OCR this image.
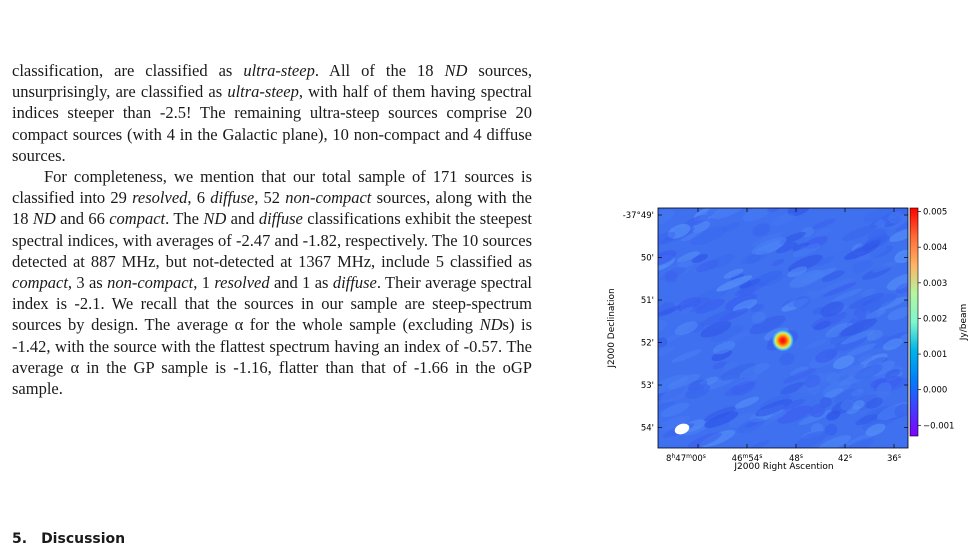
classification, are classified as ultra-steep. All of the 18 ND sources, unsurprisingly, are classified as ultra-steep, with half of them having spectral indices steeper than -2.5! The remaining ultra-steep sources comprise 20 compact sources (with 4 in the Galactic plane), 10 non-compact and 4 diffuse sources.

For completeness, we mention that our total sample of 171 sources is classified into 29 resolved, 6 diffuse, 52 non-compact sources, along with the 18 ND and 66 compact. The ND and diffuse classifications exhibit the steepest spectral indices, with averages of -2.47 and -1.82, respectively. The 10 sources detected at 887 MHz, but not-detected at 1367 MHz, include 5 classified as compact, 3 as non-compact, 1 resolved and 1 as diffuse. Their average spectral index is -2.1. We recall that the sources in our sample are steep-spectrum sources by design. The average α for the whole sample (excluding NDs) is -1.42, with the source with the flattest spectrum having an index of -0.57. The average α in the GP sample is -1.16, flatter than that of -1.66 in the oGP sample.

5. Discussion
-37°49'
50'
51'
52'
53'
54'
8$^h$47$^m$00$^s$	46$^m$54$^s$	48$^s$	42$^s$	36$^s$
J2000 Right Ascention
J2000 Declination
0.005
0.004
0.003
0.002
0.001
0.000
−0.001
Jy/beam
